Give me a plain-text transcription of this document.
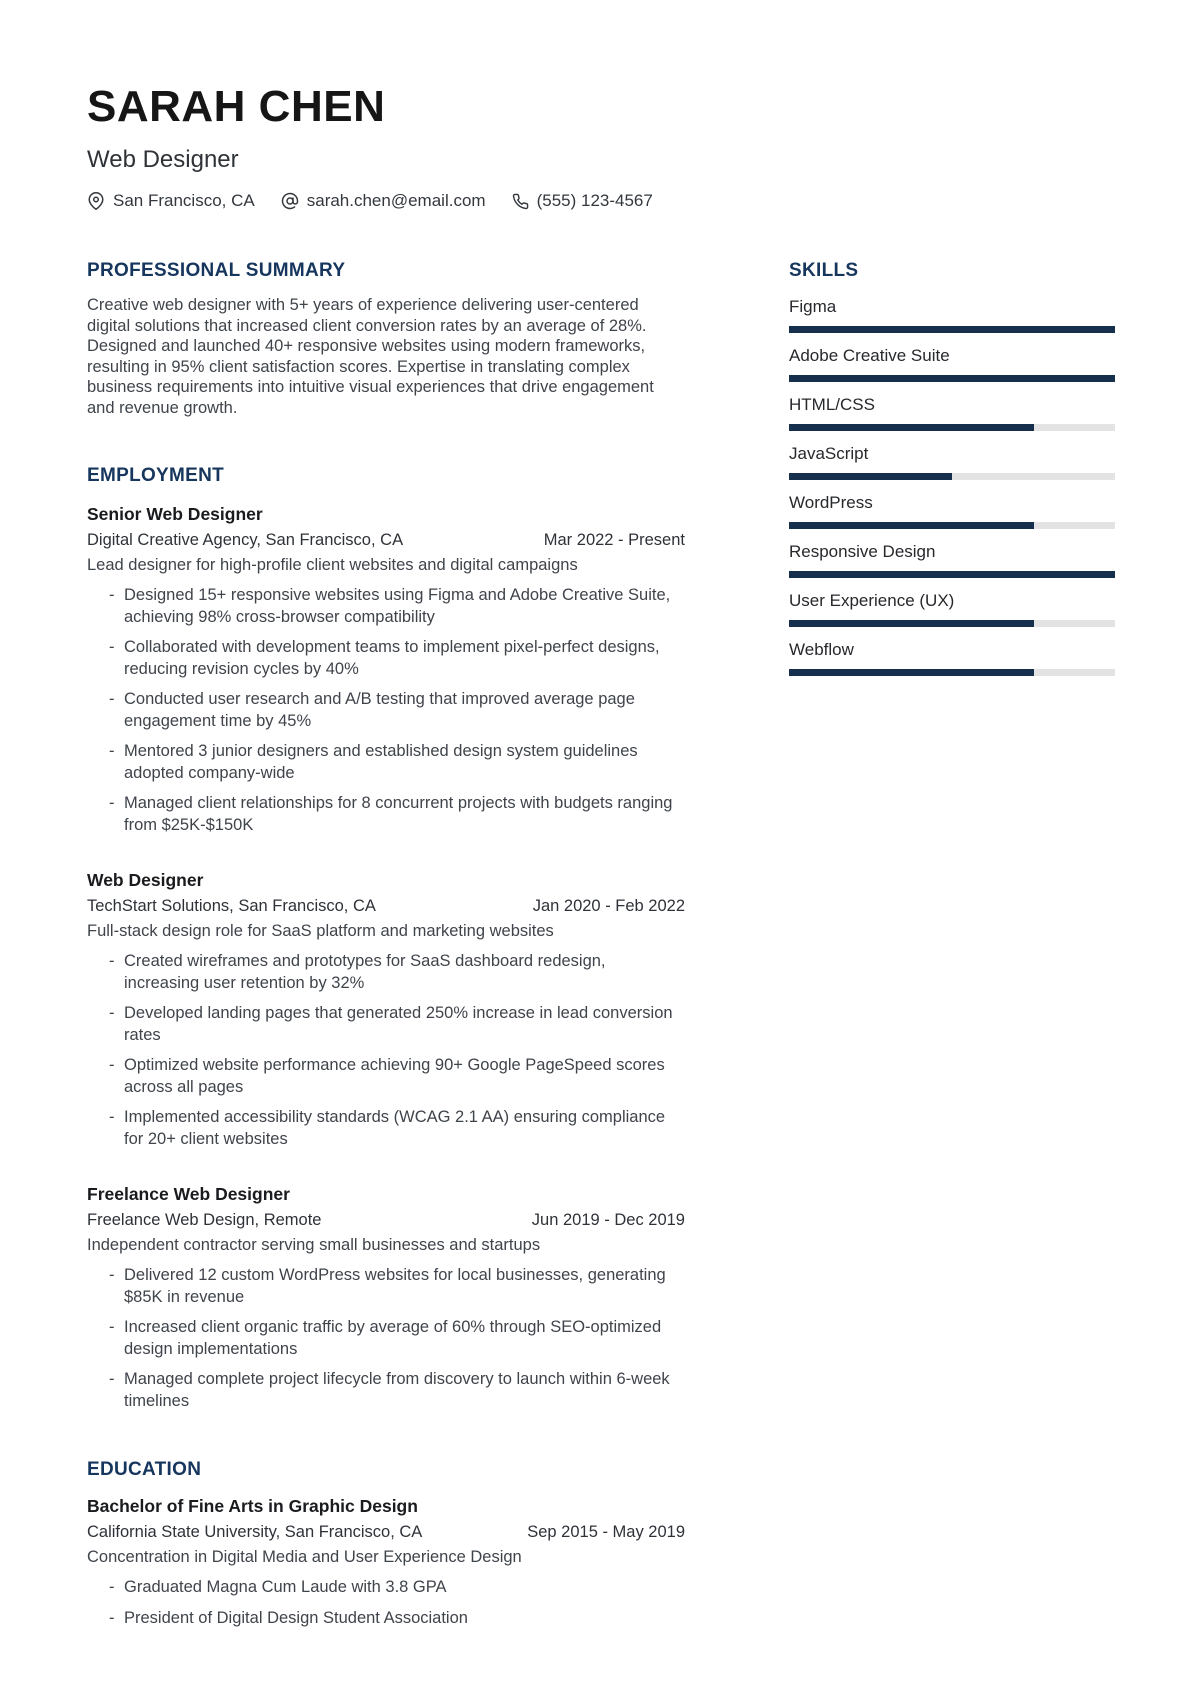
SARAH CHEN
Web Designer
San Francisco, CA	sarah.chen@email.com	(555) 123-4567
PROFESSIONAL SUMMARY
Creative web designer with 5+ years of experience delivering user-centered digital solutions that increased client conversion rates by an average of 28%. Designed and launched 40+ responsive websites using modern frameworks, resulting in 95% client satisfaction scores. Expertise in translating complex business requirements into intuitive visual experiences that drive engagement and revenue growth.
EMPLOYMENT
Senior Web Designer
Digital Creative Agency, San Francisco, CA	Mar 2022 - Present
Lead designer for high-profile client websites and digital campaigns
- Designed 15+ responsive websites using Figma and Adobe Creative Suite, achieving 98% cross-browser compatibility
- Collaborated with development teams to implement pixel-perfect designs, reducing revision cycles by 40%
- Conducted user research and A/B testing that improved average page engagement time by 45%
- Mentored 3 junior designers and established design system guidelines adopted company-wide
- Managed client relationships for 8 concurrent projects with budgets ranging from $25K-$150K
Web Designer
TechStart Solutions, San Francisco, CA	Jan 2020 - Feb 2022
Full-stack design role for SaaS platform and marketing websites
- Created wireframes and prototypes for SaaS dashboard redesign, increasing user retention by 32%
- Developed landing pages that generated 250% increase in lead conversion rates
- Optimized website performance achieving 90+ Google PageSpeed scores across all pages
- Implemented accessibility standards (WCAG 2.1 AA) ensuring compliance for 20+ client websites
Freelance Web Designer
Freelance Web Design, Remote	Jun 2019 - Dec 2019
Independent contractor serving small businesses and startups
- Delivered 12 custom WordPress websites for local businesses, generating $85K in revenue
- Increased client organic traffic by average of 60% through SEO-optimized design implementations
- Managed complete project lifecycle from discovery to launch within 6-week timelines
EDUCATION
Bachelor of Fine Arts in Graphic Design
California State University, San Francisco, CA	Sep 2015 - May 2019
Concentration in Digital Media and User Experience Design
- Graduated Magna Cum Laude with 3.8 GPA
- President of Digital Design Student Association
SKILLS
Figma
Adobe Creative Suite
HTML/CSS
JavaScript
WordPress
Responsive Design
User Experience (UX)
Webflow
